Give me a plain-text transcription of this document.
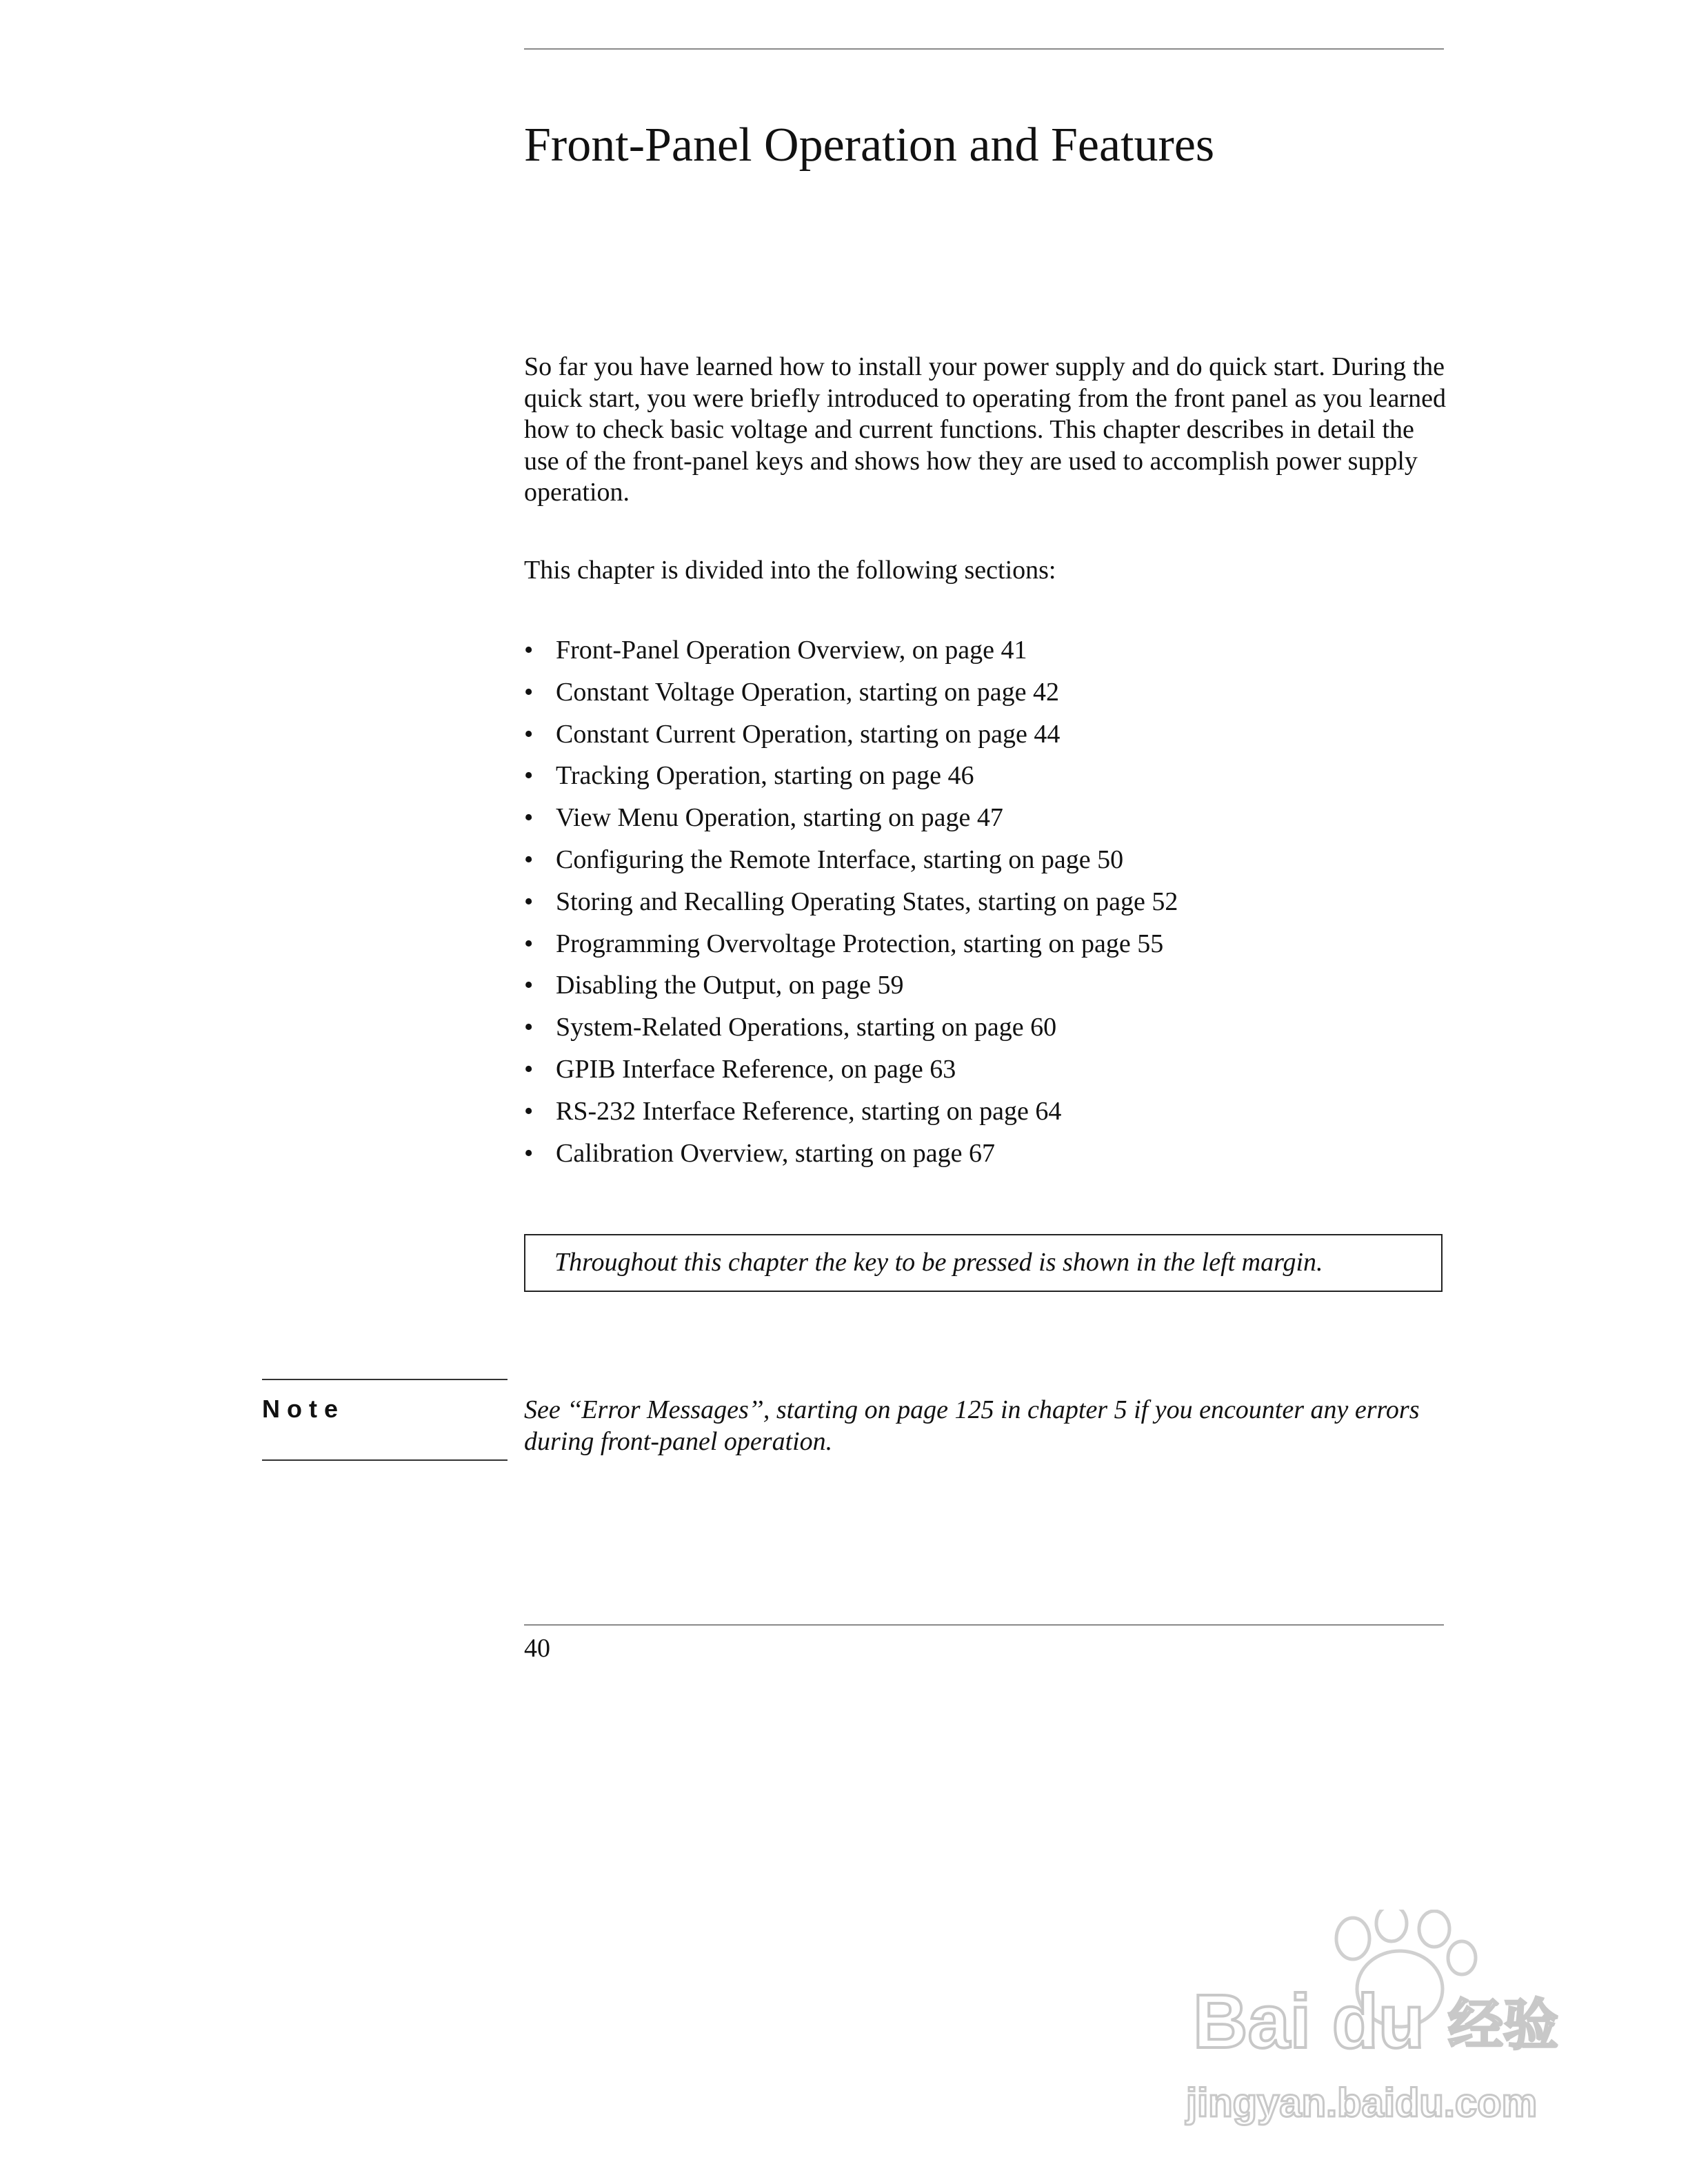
Front-Panel Operation and Features

So far you have learned how to install your power supply and do quick start. During the quick start, you were briefly introduced to operating from the front panel as you learned how to check basic voltage and current functions. This chapter describes in detail the use of the front-panel keys and shows how they are used to accomplish power supply operation.

This chapter is divided into the following sections:

• Front-Panel Operation Overview, on page 41
• Constant Voltage Operation, starting on page 42
• Constant Current Operation, starting on page 44
• Tracking Operation, starting on page 46
• View Menu Operation, starting on page 47
• Configuring the Remote Interface, starting on page 50
• Storing and Recalling Operating States, starting on page 52
• Programming Overvoltage Protection, starting on page 55
• Disabling the Output, on page 59
• System-Related Operations, starting on page 60
• GPIB Interface Reference, on page 63
• RS-232 Interface Reference, starting on page 64
• Calibration Overview, starting on page 67
Throughout this chapter the key to be pressed is shown in the left margin.
Note	See ‘‘Error Messages’’, starting on page 125 in chapter 5 if you encounter any errors during front-panel operation.

40
Bai du 经验
jingyan.baidu.com
